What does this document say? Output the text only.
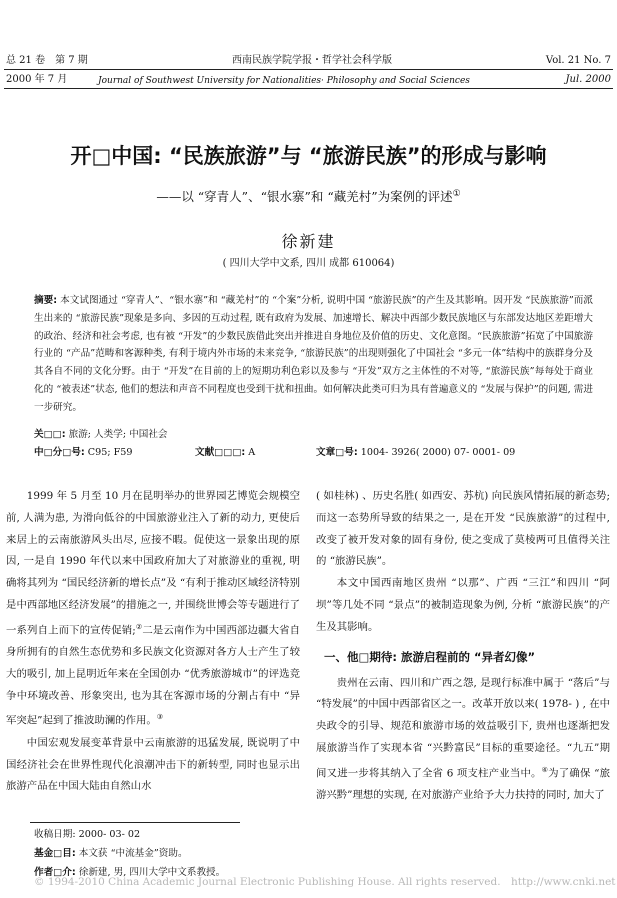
总 21 卷　第 7 期	西南民族学院学报・哲学社会科学版	Vol. 21 No. 7
2000 年 7 月	Journal of Southwest University for Nationalities· Philosophy and Social Sciences	Jul. 2000
开□中国: “民族旅游”与 “旅游民族”的形成与影响
——以 “穿青人”、“银水寨”和 “藏羌村”为案例的评述①
徐新建
( 四川大学中文系, 四川 成都 610064)
摘要: 本文试图通过 “穿青人”、“银水寨”和 “藏羌村”的 “个案”分析, 说明中国 “旅游民族”的产生及其影响。因开发 “民族旅游”而派生出来的 “旅游民族”现象是多向、多因的互动过程, 既有政府为发展、加速增长、解决中西部少数民族地区与东部发达地区差距增大的政治、经济和社会考虑, 也有被 “开发”的少数民族借此突出并推进自身地位及价值的历史、文化意图。“民族旅游”拓宽了中国旅游行业的 “产品”范畴和客源种类, 有利于境内外市场的未来竞争, “旅游民族”的出现则强化了中国社会 “多元一体”结构中的族群身分及其各自不同的文化分野。由于 “开发”在目前的上的短期功利色彩以及参与 “开发”双方之主体性的不对等, “旅游民族”每每处于商业化的 “被表述”状态, 他们的想法和声音不同程度也受到干扰和扭曲。如何解决此类可归为具有普遍意义的 “发展与保护”的问题, 需进一步研究。
关□□: 旅游; 人类学; 中国社会
中□分□号: C95; F59	文献□□□: A	文章□号: 1004- 3926( 2000) 07- 0001- 09

1999 年 5 月至 10 月在昆明举办的世界园艺博览会规模空前, 人满为患, 为滑向低谷的中国旅游业注入了新的动力, 更使后来居上的云南旅游风头出尽, 应接不暇。促使这一景象出现的原因, 一是自 1990 年代以来中国政府加大了对旅游业的重视, 明确将其列为 “国民经济新的增长点”及 “有利于推动区域经济特别是中西部地区经济发展”的措施之一, 并围绕世博会等专题进行了一系列自上而下的宣传促销;②二是云南作为中国西部边疆大省自身所拥有的自然生态优势和多民族文化资源对各方人士产生了较大的吸引, 加上昆明近年来在全国创办 “优秀旅游城市”的评选竞争中环境改善、形象突出, 也为其在客源市场的分割占有中 “异军突起”起到了推波助澜的作用。③

中国宏观发展变革背景中云南旅游的迅猛发展, 既说明了中国经济社会在世界性现代化浪潮冲击下的新转型, 同时也显示出旅游产品在中国大陆由自然山水

( 如桂林) 、历史名胜( 如西安、苏杭) 向民族风情拓展的新态势; 而这一态势所导致的结果之一, 是在开发 “民族旅游”的过程中, 改变了被开发对象的固有身份, 使之变成了莫棱两可且值得关注的 “旅游民族”。

本文中国西南地区贵州 “以那”、广西 “三江”和四川 “阿坝”等几处不同 “景点”的被制造现象为例, 分析 “旅游民族”的产生及其影响。

一、他□期待: 旅游启程前的 “异者幻像”

贵州在云南、四川和广西之怨, 是现行标准中属于 “落后”与 “特发展”的中国中西部省区之一。改革开放以来( 1978- ) , 在中央政令的引导、规范和旅游市场的效益吸引下, 贵州也逐渐把发展旅游当作了实现本省 “兴黔富民”目标的重要途径。“九五”期间又进一步将其纳入了全省 6 项支柱产业当中。④为了确保 “旅游兴黔”理想的实现, 在对旅游产业给予大力扶持的同时, 加大了

收稿日期: 2000- 03- 02
基金□目: 本文获 “中流基金”资助。
作者□介: 徐新建, 男, 四川大学中文系教授。
© 1994-2010 China Academic Journal Electronic Publishing House. All rights reserved.　http://www.cnki.net
